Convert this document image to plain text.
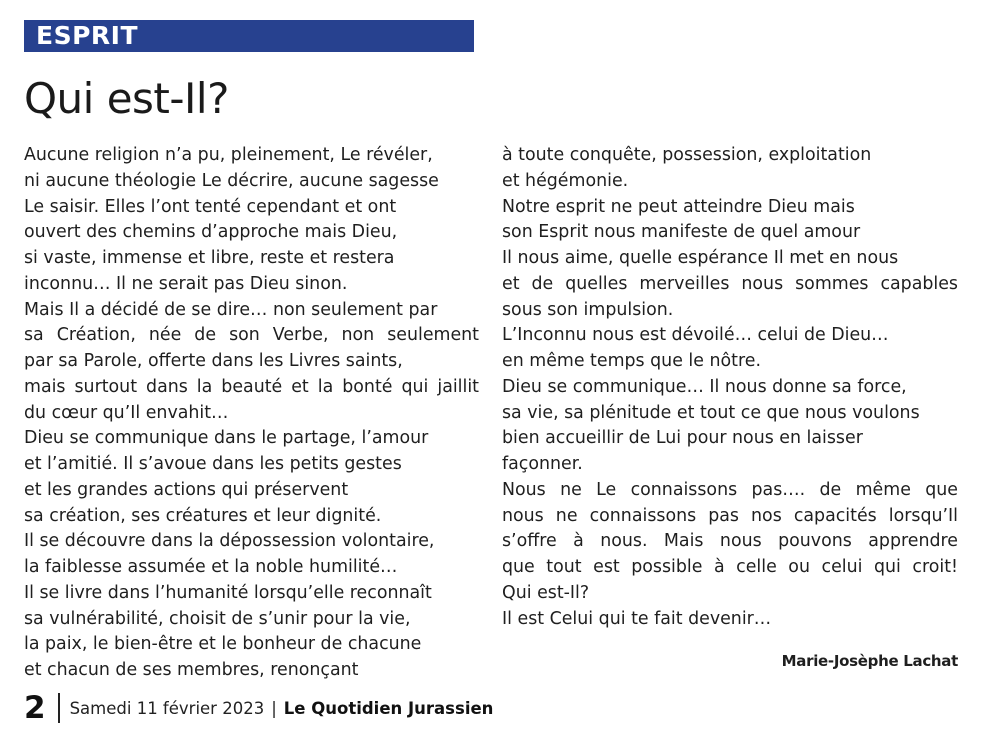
ESPRIT
Qui est-Il?
Aucune religion n’a pu, pleinement, Le révéler,
ni aucune théologie Le décrire, aucune sagesse
Le saisir. Elles l’ont tenté cependant et ont
ouvert des chemins d’approche mais Dieu,
si vaste, immense et libre, reste et restera
inconnu… Il ne serait pas Dieu sinon.
Mais Il a décidé de se dire… non seulement par
sa Création, née de son Verbe, non seulement
par sa Parole, offerte dans les Livres saints,
mais surtout dans la beauté et la bonté qui jaillit
du cœur qu’Il envahit…
Dieu se communique dans le partage, l’amour
et l’amitié. Il s’avoue dans les petits gestes
et les grandes actions qui préservent
sa création, ses créatures et leur dignité.
Il se découvre dans la dépossession volontaire,
la faiblesse assumée et la noble humilité…
Il se livre dans l’humanité lorsqu’elle reconnaît
sa vulnérabilité, choisit de s’unir pour la vie,
la paix, le bien-être et le bonheur de chacune
et chacun de ses membres, renonçant
à toute conquête, possession, exploitation
et hégémonie.
Notre esprit ne peut atteindre Dieu mais
son Esprit nous manifeste de quel amour
Il nous aime, quelle espérance Il met en nous
et de quelles merveilles nous sommes capables
sous son impulsion.
L’Inconnu nous est dévoilé… celui de Dieu…
en même temps que le nôtre.
Dieu se communique… Il nous donne sa force,
sa vie, sa plénitude et tout ce que nous voulons
bien accueillir de Lui pour nous en laisser
façonner.
Nous ne Le connaissons pas…. de même que
nous ne connaissons pas nos capacités lorsqu’Il
s’offre à nous. Mais nous pouvons apprendre
que tout est possible à celle ou celui qui croit!
Qui est-Il?
Il est Celui qui te fait devenir…
Marie-Josèphe Lachat
2 Samedi 11 février 2023 | Le Quotidien Jurassien
